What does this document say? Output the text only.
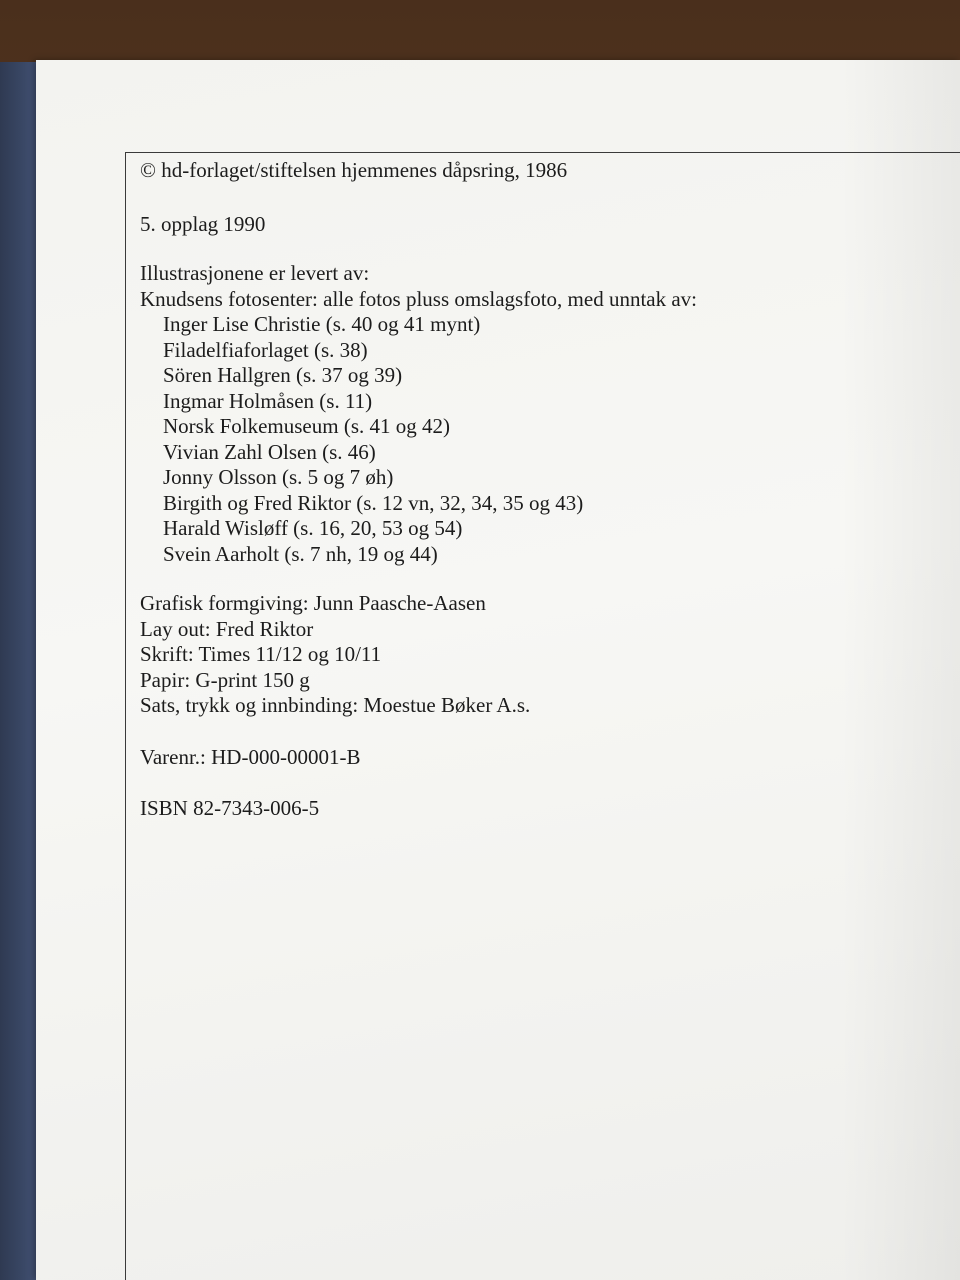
© hd-forlaget/stiftelsen hjemmenes dåpsring, 1986
5. opplag 1990
Illustrasjonene er levert av:
Knudsens fotosenter: alle fotos pluss omslagsfoto, med unntak av:
Inger Lise Christie (s. 40 og 41 mynt)
Filadelfiaforlaget (s. 38)
Sören Hallgren (s. 37 og 39)
Ingmar Holmåsen (s. 11)
Norsk Folkemuseum (s. 41 og 42)
Vivian Zahl Olsen (s. 46)
Jonny Olsson (s. 5 og 7 øh)
Birgith og Fred Riktor (s. 12 vn, 32, 34, 35 og 43)
Harald Wisløff (s. 16, 20, 53 og 54)
Svein Aarholt (s. 7 nh, 19 og 44)
Grafisk formgiving: Junn Paasche-Aasen
Lay out: Fred Riktor
Skrift: Times 11/12 og 10/11
Papir: G-print 150 g
Sats, trykk og innbinding: Moestue Bøker A.s.
Varenr.: HD-000-00001-B
ISBN 82-7343-006-5
